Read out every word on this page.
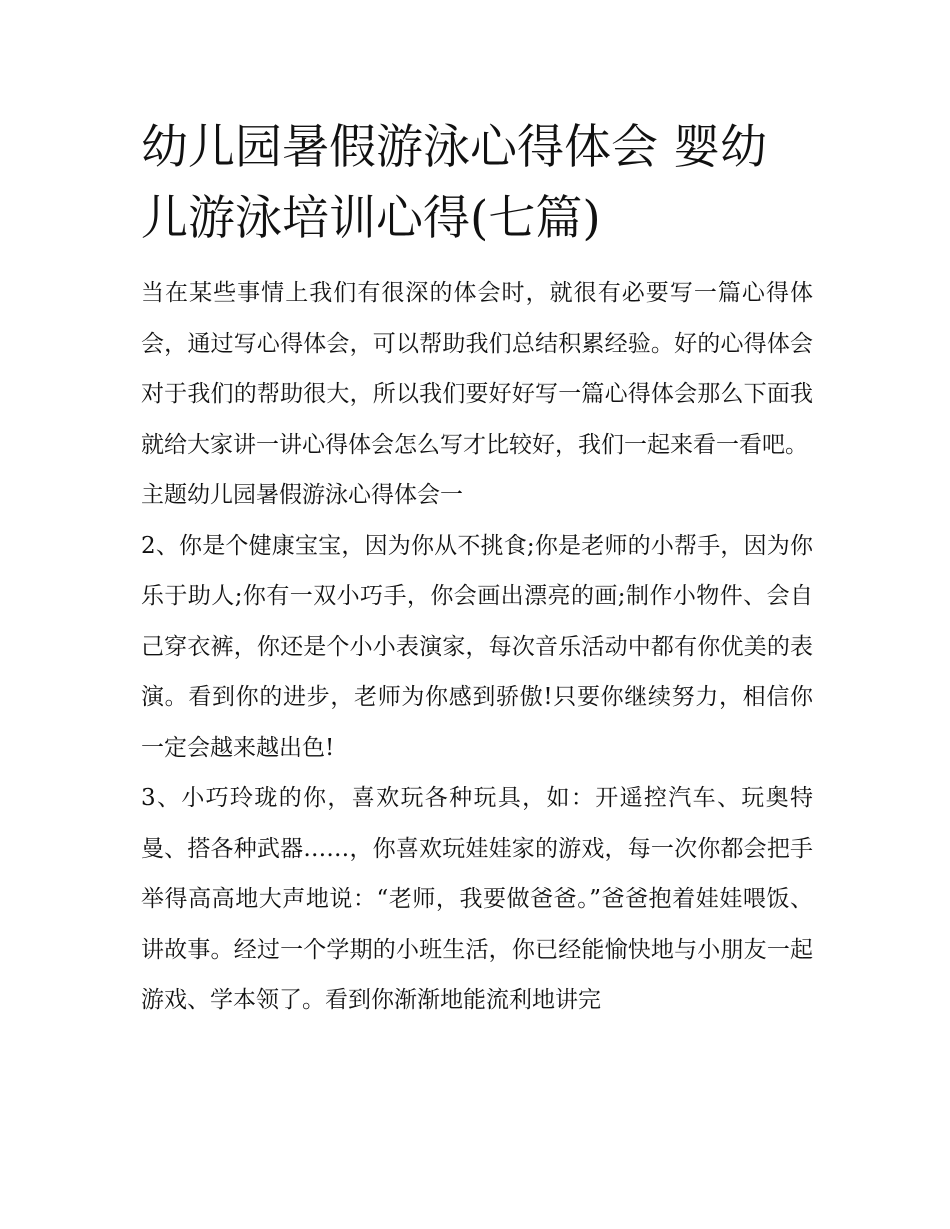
幼儿园暑假游泳心得体会 婴幼儿游泳培训心得(七篇)

当在某些事情上我们有很深的体会时，就很有必要写一篇心得体会，通过写心得体会，可以帮助我们总结积累经验。好的心得体会对于我们的帮助很大，所以我们要好好写一篇心得体会那么下面我就给大家讲一讲心得体会怎么写才比较好，我们一起来看一看吧。

主题幼儿园暑假游泳心得体会一

2、你是个健康宝宝，因为你从不挑食;你是老师的小帮手，因为你乐于助人;你有一双小巧手，你会画出漂亮的画;制作小物件、会自己穿衣裤，你还是个小小表演家，每次音乐活动中都有你优美的表演。看到你的进步，老师为你感到骄傲!只要你继续努力，相信你一定会越来越出色!

3、小巧玲珑的你，喜欢玩各种玩具，如：开遥控汽车、玩奥特曼、搭各种武器……，你喜欢玩娃娃家的游戏，每一次你都会把手举得高高地大声地说：“老师，我要做爸爸。”爸爸抱着娃娃喂饭、讲故事。经过一个学期的小班生活，你已经能愉快地与小朋友一起游戏、学本领了。看到你渐渐地能流利地讲完
